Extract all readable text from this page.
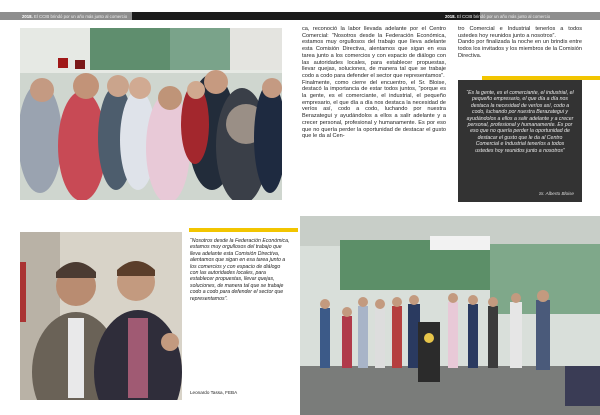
2018. El CCIB brindó por un año más junto al comercio	2018. El CCIB brindó por un año más junto al comercio
ca, reconoció la labor llevada adelante por el Centro Comercial: “Nosotros desde la Federación Económica, estamos muy orgullosos del trabajo que lleva adelante esta Comisión Directiva, alentamos que sigan en esa tarea junto a los comercios y con espacio de diálogo con las autoridades locales, para establecer propuestas, llevar quejas, soluciones, de manera tal que se trabaje codo a codo para defender el sector que representamos”.
Finalmente, como cierre del encuentro, el Sr. Bloise, destacó la importancia de estar todos juntos, “porque es la gente, es el comerciante, el industrial, el pequeño empresario, el que día a día nos destaca la necesidad de veríos así, codo a codo, luchando por nuestra Berazategui y ayudándolos a ellos a salir adelante y a crecer personal, profesional y humanamente. Es por eso que no quería perder la oportunidad de destacar el gusto que le da al Cen-
tro Comercial e Industrial tenerlos a todos ustedes hoy reunidos junto a nosotros”.
Dando por finalizada la noche en un brindis entre todos los invitados y los miembros de la Comisión Directiva.
“Es la gente, es el comerciante, el industrial, el pequeño empresario, el que día a día nos destaca la necesidad de veríos así, codo a codo, luchando por nuestra Berazategui y ayudándolos a ellos a salir adelante y a crecer personal, profesional y humanamente. Es por eso que no quería perder la oportunidad de destacar el gusto que le da al Centro Comercial e Industrial tenerlos a todos ustedes hoy reunidos junto a nosotros”
Sr. Alberto Bloise
“Nosotros desde la Federación Económica, estamos muy orgullosos del trabajo que lleva adelante esta Comisión Directiva, alentamos que sigan en esa tarea junto a los comercios y con espacio de diálogo con las autoridades locales, para establecer propuestas, llevar quejas, soluciones, de manera tal que se trabaje codo a codo para defender el sector que representamos”.
Leonardo Tassa, FEBA
